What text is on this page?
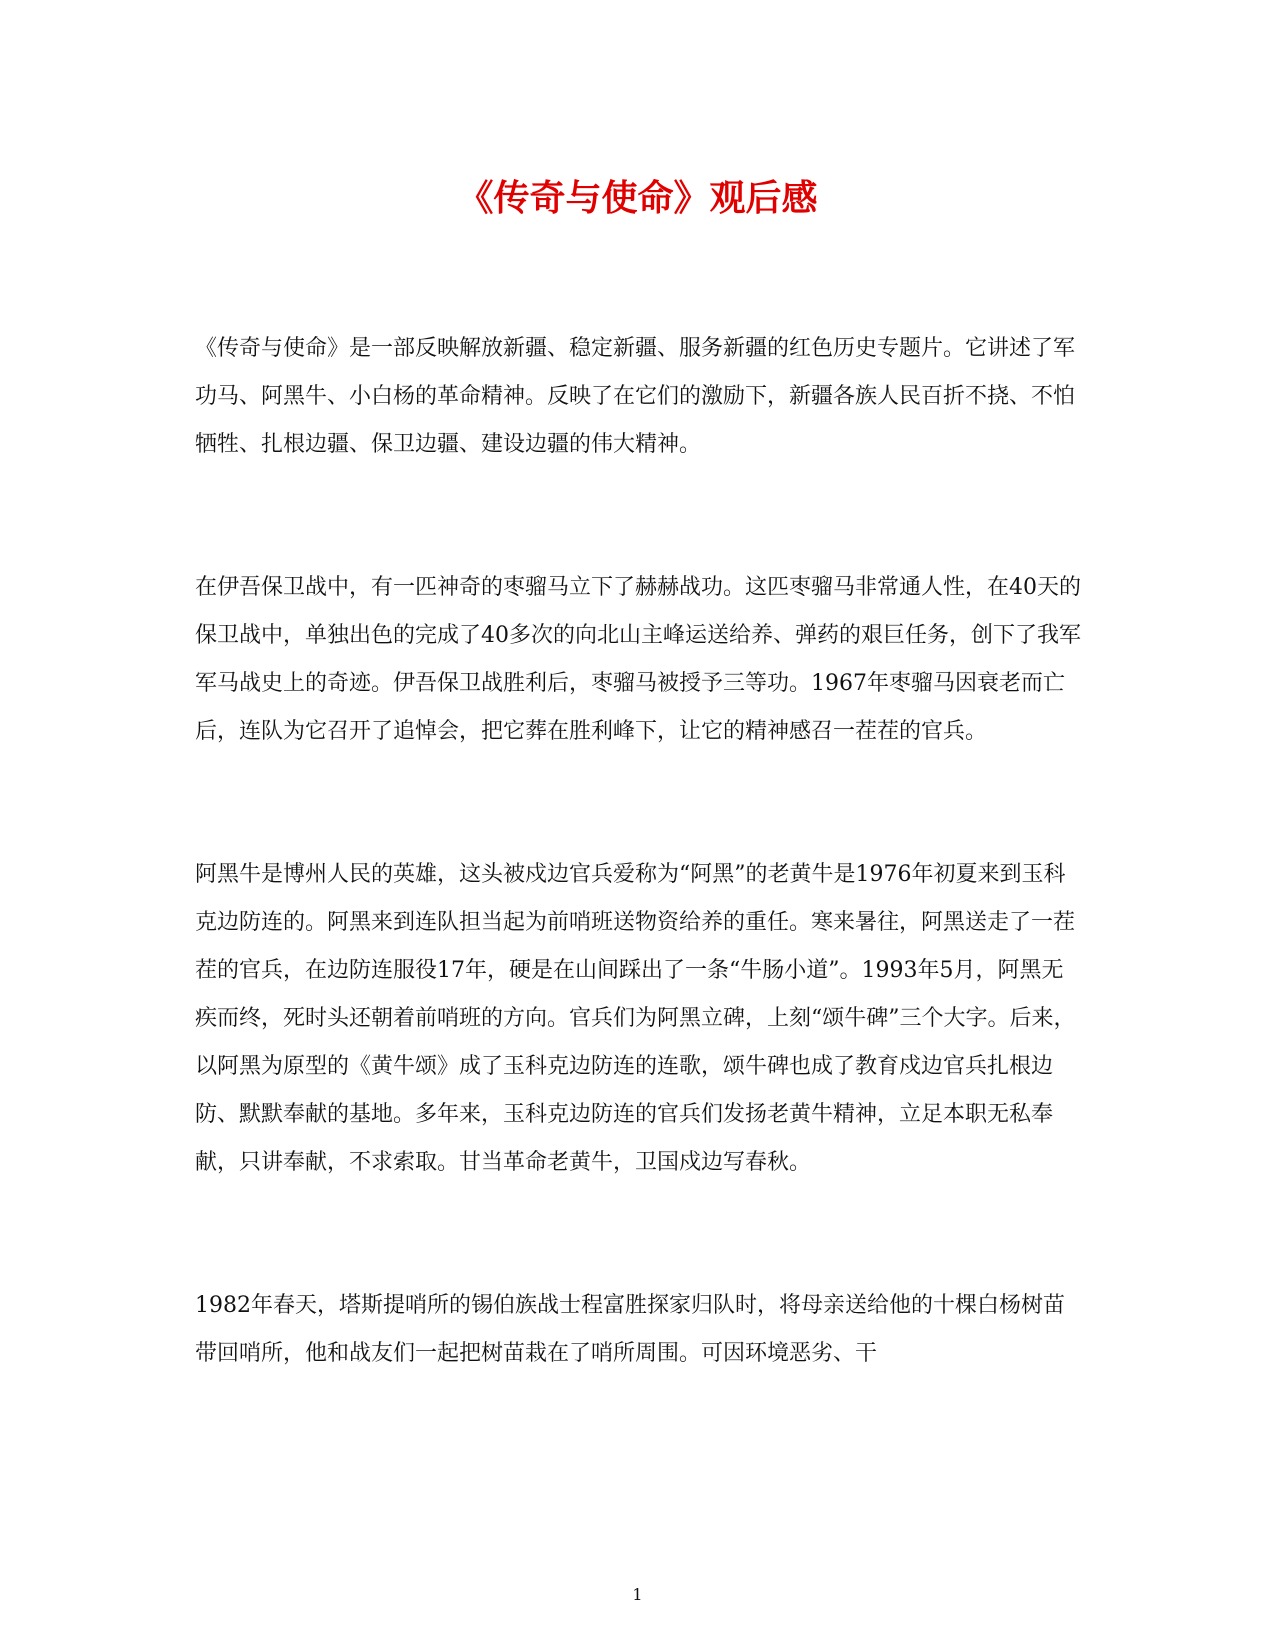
《传奇与使命》观后感

《传奇与使命》是一部反映解放新疆、稳定新疆、服务新疆的红色历史专题片。它讲述了军功马、阿黑牛、小白杨的革命精神。反映了在它们的激励下，新疆各族人民百折不挠、不怕牺牲、扎根边疆、保卫边疆、建设边疆的伟大精神。

在伊吾保卫战中，有一匹神奇的枣骝马立下了赫赫战功。这匹枣骝马非常通人性，在40天的保卫战中，单独出色的完成了40多次的向北山主峰运送给养、弹药的艰巨任务，创下了我军军马战史上的奇迹。伊吾保卫战胜利后，枣骝马被授予三等功。1967年枣骝马因衰老而亡后，连队为它召开了追悼会，把它葬在胜利峰下，让它的精神感召一茬茬的官兵。

阿黑牛是博州人民的英雄，这头被戍边官兵爱称为“阿黑”的老黄牛是1976年初夏来到玉科克边防连的。阿黑来到连队担当起为前哨班送物资给养的重任。寒来暑往，阿黑送走了一茬茬的官兵，在边防连服役17年，硬是在山间踩出了一条“牛肠小道”。1993年5月，阿黑无疾而终，死时头还朝着前哨班的方向。官兵们为阿黑立碑，上刻“颂牛碑”三个大字。后来，以阿黑为原型的《黄牛颂》成了玉科克边防连的连歌，颂牛碑也成了教育戍边官兵扎根边防、默默奉献的基地。多年来，玉科克边防连的官兵们发扬老黄牛精神，立足本职无私奉献，只讲奉献，不求索取。甘当革命老黄牛，卫国戍边写春秋。

1982年春天，塔斯提哨所的锡伯族战士程富胜探家归队时，将母亲送给他的十棵白杨树苗带回哨所，他和战友们一起把树苗栽在了哨所周围。可因环境恶劣、干

1
